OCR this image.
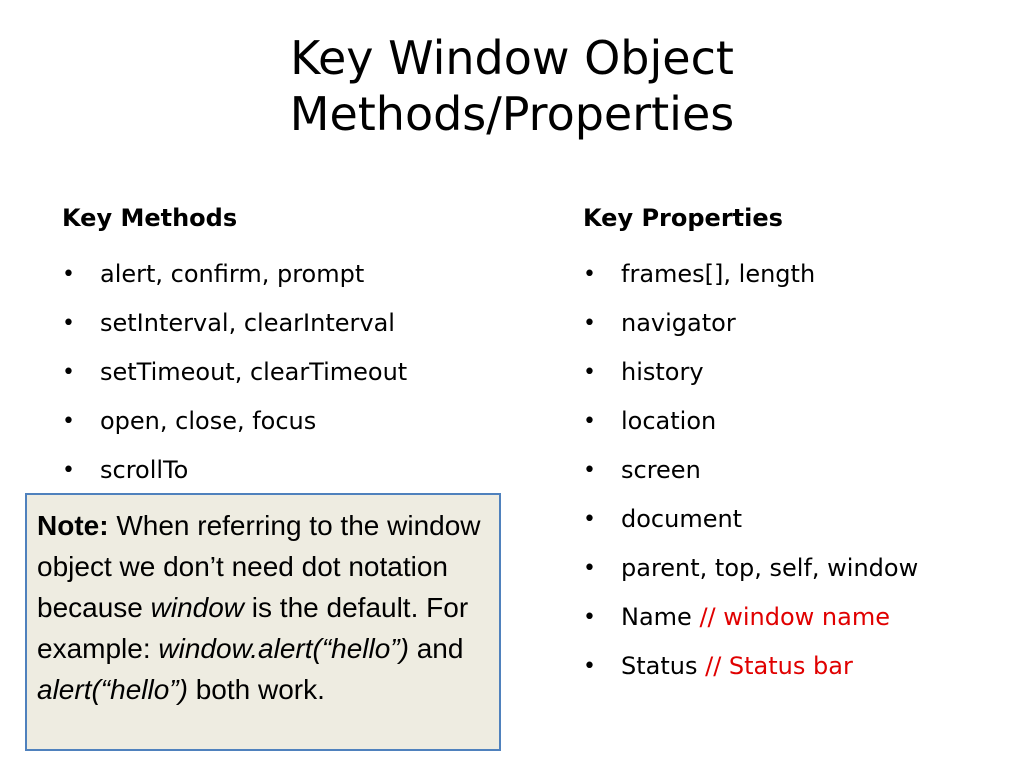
Key Window Object
Methods/Properties
Key Methods
• alert, confirm, prompt
• setInterval, clearInterval
• setTimeout, clearTimeout
• open, close, focus
• scrollTo
Key Properties
• frames[], length
• navigator
• history
• location
• screen
• document
• parent, top, self, window
• Name // window name
• Status // Status bar
Note: When referring to the window object we don’t need dot notation because window is the default. For example: window.alert(“hello”) and alert(“hello”) both work.
